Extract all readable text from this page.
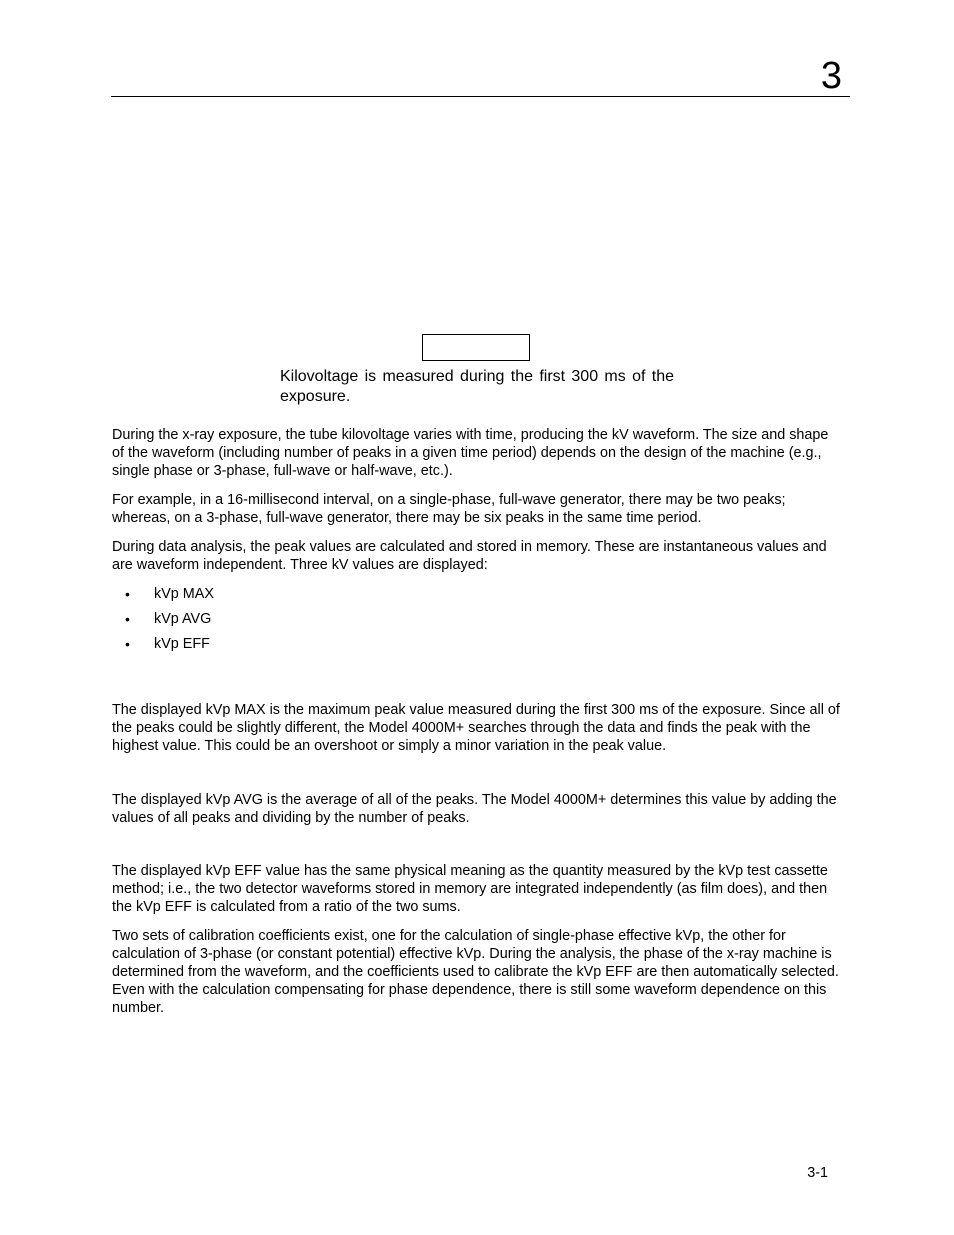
3

Kilovoltage is measured during the first 300 ms of the exposure.

During the x-ray exposure, the tube kilovoltage varies with time, producing the kV waveform. The size and shape of the waveform (including number of peaks in a given time period) depends on the design of the machine (e.g., single phase or 3-phase, full-wave or half-wave, etc.).

For example, in a 16-millisecond interval, on a single-phase, full-wave generator, there may be two peaks; whereas, on a 3-phase, full-wave generator, there may be six peaks in the same time period.

During data analysis, the peak values are calculated and stored in memory. These are instantaneous values and are waveform independent. Three kV values are displayed:

• kVp MAX
• kVp AVG
• kVp EFF

The displayed kVp MAX is the maximum peak value measured during the first 300 ms of the exposure. Since all of the peaks could be slightly different, the Model 4000M+ searches through the data and finds the peak with the highest value. This could be an overshoot or simply a minor variation in the peak value.

The displayed kVp AVG is the average of all of the peaks. The Model 4000M+ determines this value by adding the values of all peaks and dividing by the number of peaks.

The displayed kVp EFF value has the same physical meaning as the quantity measured by the kVp test cassette method; i.e., the two detector waveforms stored in memory are integrated independently (as film does), and then the kVp EFF is calculated from a ratio of the two sums.

Two sets of calibration coefficients exist, one for the calculation of single-phase effective kVp, the other for calculation of 3-phase (or constant potential) effective kVp. During the analysis, the phase of the x-ray machine is determined from the waveform, and the coefficients used to calibrate the kVp EFF are then automatically selected. Even with the calculation compensating for phase dependence, there is still some waveform dependence on this number.

3-1
